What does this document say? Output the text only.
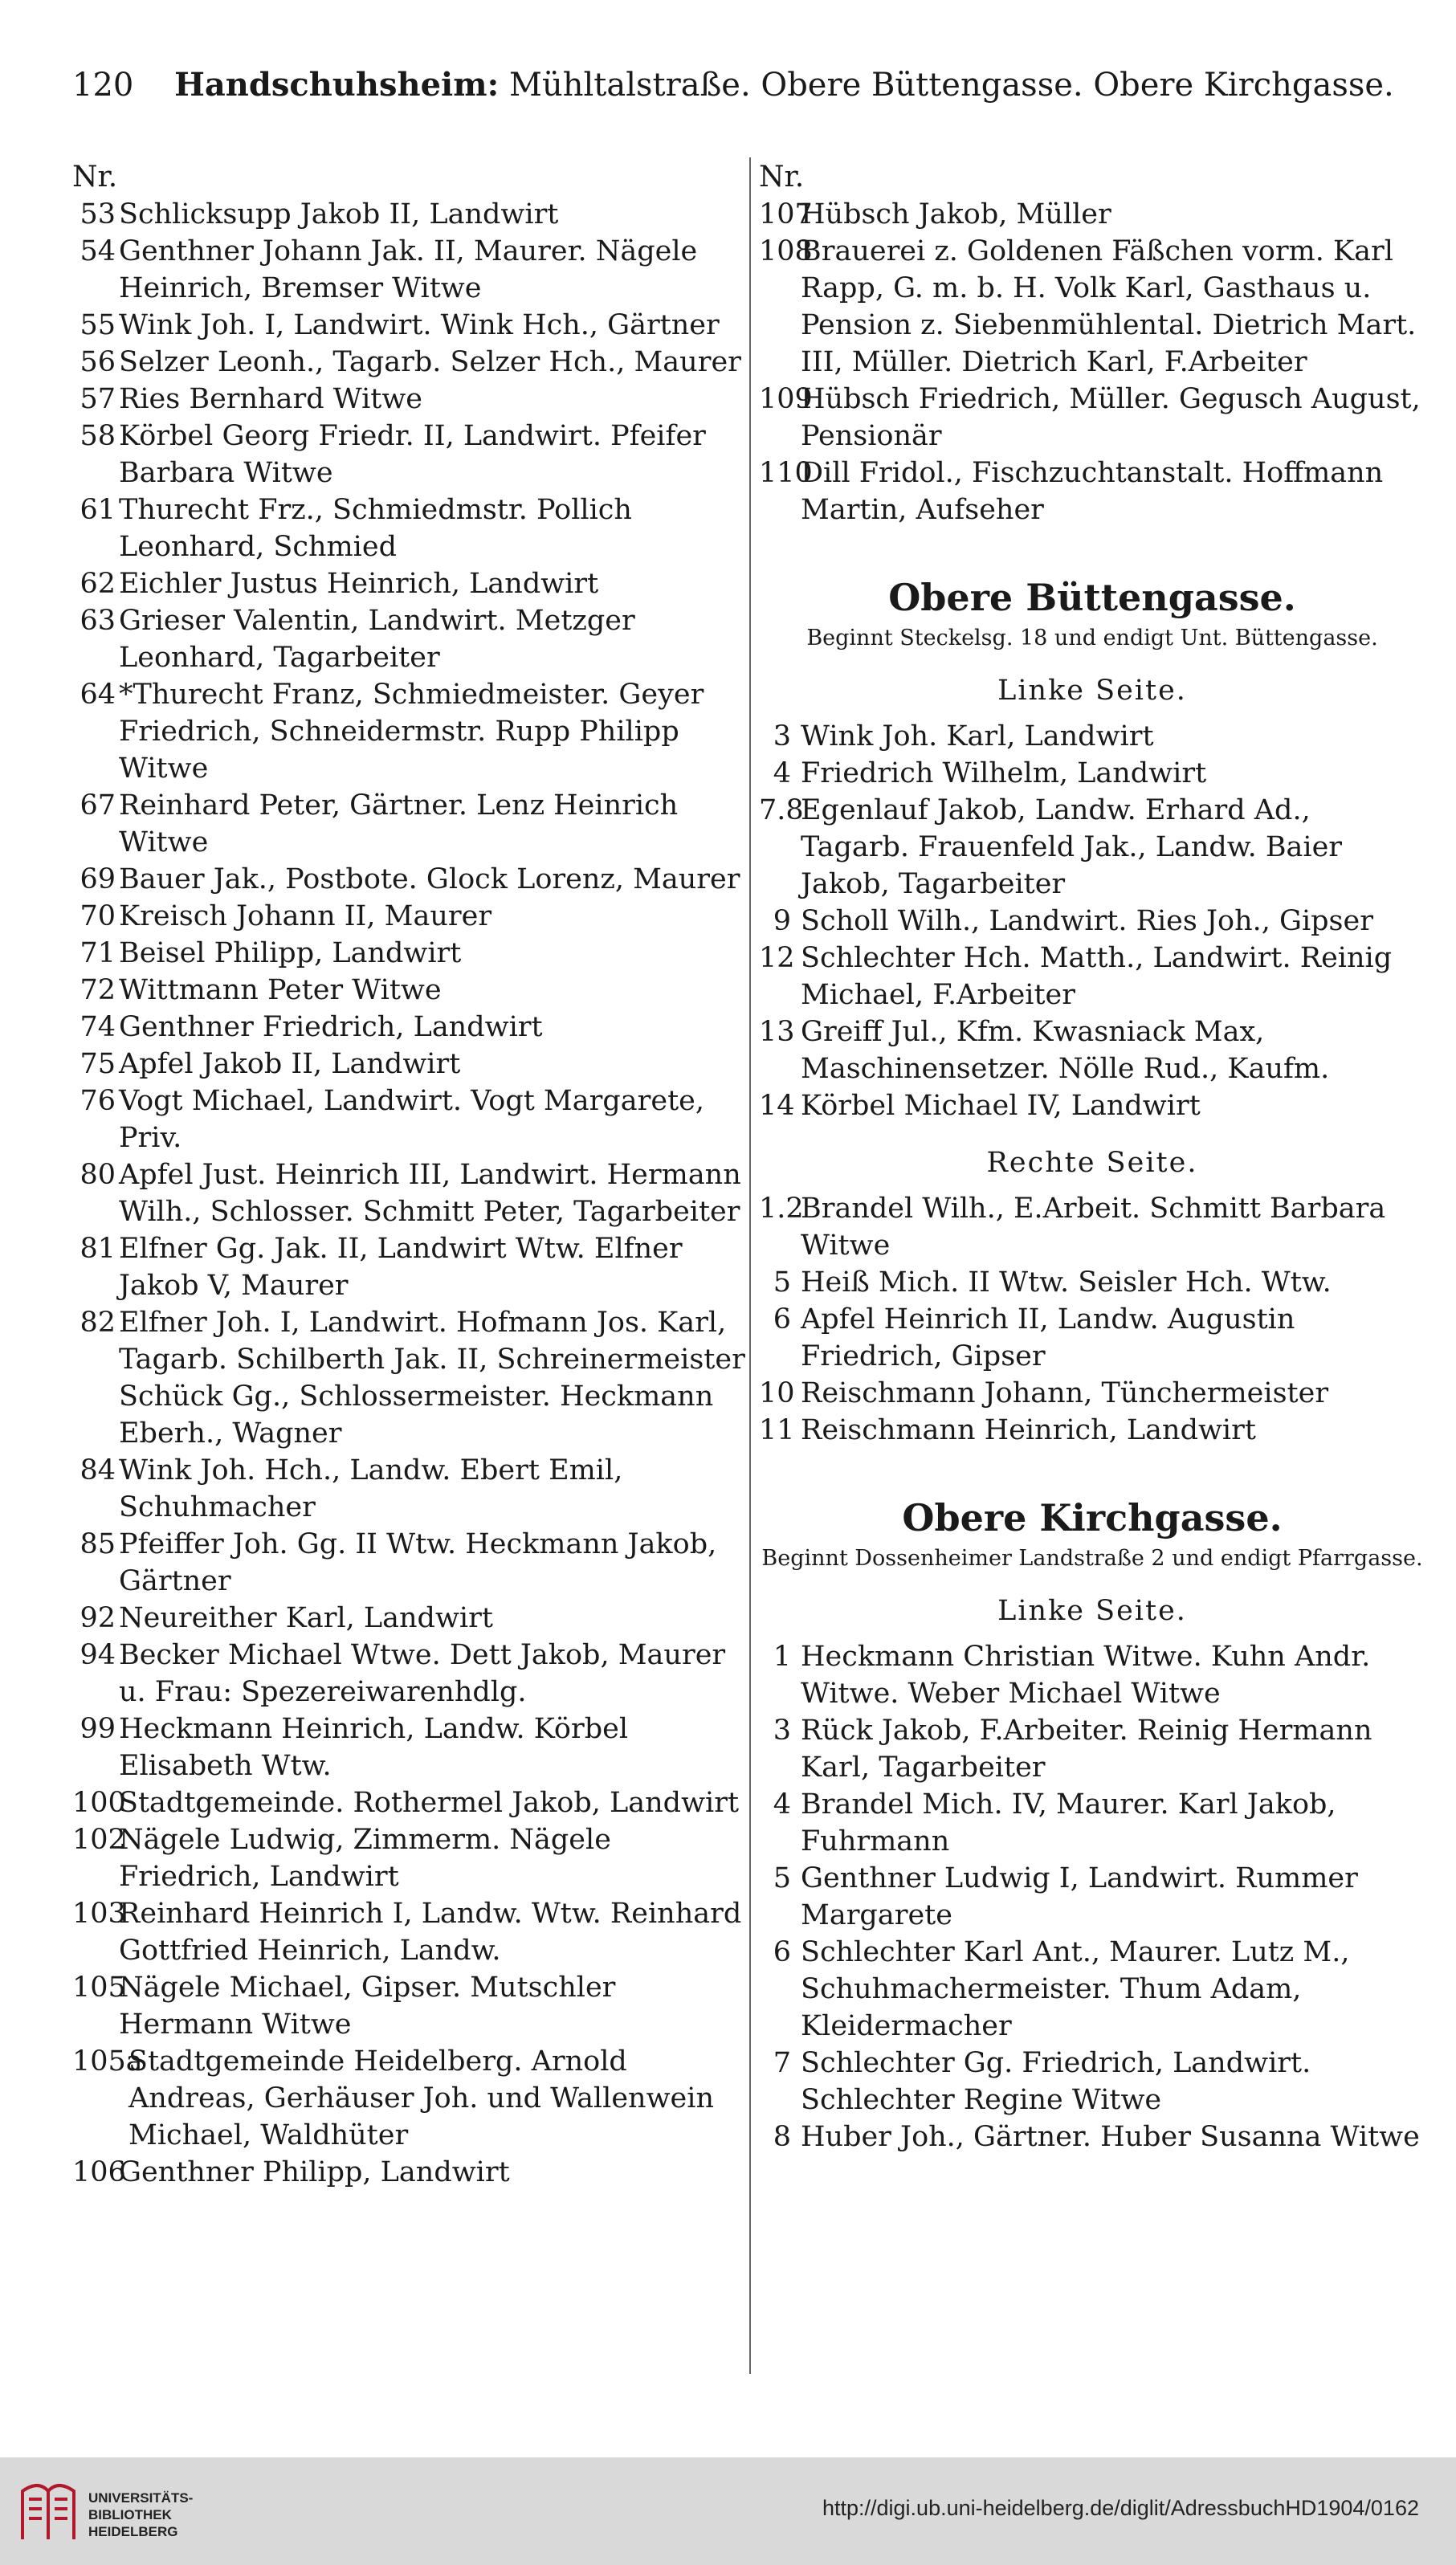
120 Handschuhsheim: Mühltalstraße. Obere Büttengasse. Obere Kirchgasse.
Nr.
53 Schlicksupp Jakob II, Landwirt
54 Genthner Johann Jak. II, Maurer. Nägele Heinrich, Bremser Witwe
55 Wink Joh. I, Landwirt. Wink Hch., Gärtner
56 Selzer Leonh., Tagarb. Selzer Hch., Maurer
57 Ries Bernhard Witwe
58 Körbel Georg Friedr. II, Landwirt. Pfeifer Barbara Witwe
61 Thurecht Frz., Schmiedmstr. Pollich Leonhard, Schmied
62 Eichler Justus Heinrich, Landwirt
63 Grieser Valentin, Landwirt. Metzger Leonhard, Tagarbeiter
64 *Thurecht Franz, Schmiedmeister. Geyer Friedrich, Schneidermstr. Rupp Philipp Witwe
67 Reinhard Peter, Gärtner. Lenz Heinrich Witwe
69 Bauer Jak., Postbote. Glock Lorenz, Maurer
70 Kreisch Johann II, Maurer
71 Beisel Philipp, Landwirt
72 Wittmann Peter Witwe
74 Genthner Friedrich, Landwirt
75 Apfel Jakob II, Landwirt
76 Vogt Michael, Landwirt. Vogt Margarete, Priv.
80 Apfel Just. Heinrich III, Landwirt. Hermann Wilh., Schlosser. Schmitt Peter, Tagarbeiter
81 Elfner Gg. Jak. II, Landwirt Wtw. Elfner Jakob V, Maurer
82 Elfner Joh. I, Landwirt. Hofmann Jos. Karl, Tagarb. Schilberth Jak. II, Schreinermeister Schück Gg., Schlossermeister. Heckmann Eberh., Wagner
84 Wink Joh. Hch., Landw. Ebert Emil, Schuhmacher
85 Pfeiffer Joh. Gg. II Wtw. Heckmann Jakob, Gärtner
92 Neureither Karl, Landwirt
94 Becker Michael Wtwe. Dett Jakob, Maurer u. Frau: Spezereiwarenhdlg.
99 Heckmann Heinrich, Landw. Körbel Elisabeth Wtw.
100
Stadtgemeinde. Rothermel Jakob, Landwirt
102
Nägele Ludwig, Zimmerm. Nägele Friedrich, Landwirt
103
Reinhard Heinrich I, Landw. Wtw. Reinhard Gottfried Heinrich, Landw.
105
Nägele Michael, Gipser. Mutschler Hermann Witwe
105a
Stadtgemeinde Heidelberg. Arnold Andreas, Gerhäuser Joh. und Wallenwein Michael, Waldhüter
106
Genthner Philipp, Landwirt
Nr.
107
Hübsch Jakob, Müller
108
Brauerei z. Goldenen Fäßchen vorm. Karl Rapp, G. m. b. H. Volk Karl, Gasthaus u. Pension z. Siebenmühlental. Dietrich Mart. III, Müller. Dietrich Karl, F.Arbeiter
109
Hübsch Friedrich, Müller. Gegusch August, Pensionär
110
Dill Fridol., Fischzuchtanstalt. Hoffmann Martin, Aufseher
Obere Büttengasse.
Beginnt Steckelsg. 18 und endigt Unt. Büttengasse.
Linke Seite.
3 Wink Joh. Karl, Landwirt
4 Friedrich Wilhelm, Landwirt
7.8
Egenlauf Jakob, Landw. Erhard Ad., Tagarb. Frauenfeld Jak., Landw. Baier Jakob, Tagarbeiter
9 Scholl Wilh., Landwirt. Ries Joh., Gipser
12 Schlechter Hch. Matth., Landwirt. Reinig Michael, F.Arbeiter
13 Greiff Jul., Kfm. Kwasniack Max, Maschinensetzer. Nölle Rud., Kaufm.
14 Körbel Michael IV, Landwirt
Rechte Seite.
1.2
Brandel Wilh., E.Arbeit. Schmitt Barbara Witwe
5 Heiß Mich. II Wtw. Seisler Hch. Wtw.
6 Apfel Heinrich II, Landw. Augustin Friedrich, Gipser
10 Reischmann Johann, Tünchermeister
11 Reischmann Heinrich, Landwirt
Obere Kirchgasse.
Beginnt Dossenheimer Landstraße 2 und endigt Pfarrgasse.
Linke Seite.
1 Heckmann Christian Witwe. Kuhn Andr. Witwe. Weber Michael Witwe
3 Rück Jakob, F.Arbeiter. Reinig Hermann Karl, Tagarbeiter
4 Brandel Mich. IV, Maurer. Karl Jakob, Fuhrmann
5 Genthner Ludwig I, Landwirt. Rummer Margarete
6 Schlechter Karl Ant., Maurer. Lutz M., Schuhmachermeister. Thum Adam, Kleidermacher
7 Schlechter Gg. Friedrich, Landwirt. Schlechter Regine Witwe
8 Huber Joh., Gärtner. Huber Susanna Witwe
UNIVERSITÄTS-
BIBLIOTHEK
HEIDELBERG
http://digi.ub.uni-heidelberg.de/diglit/AdressbuchHD1904/0162
